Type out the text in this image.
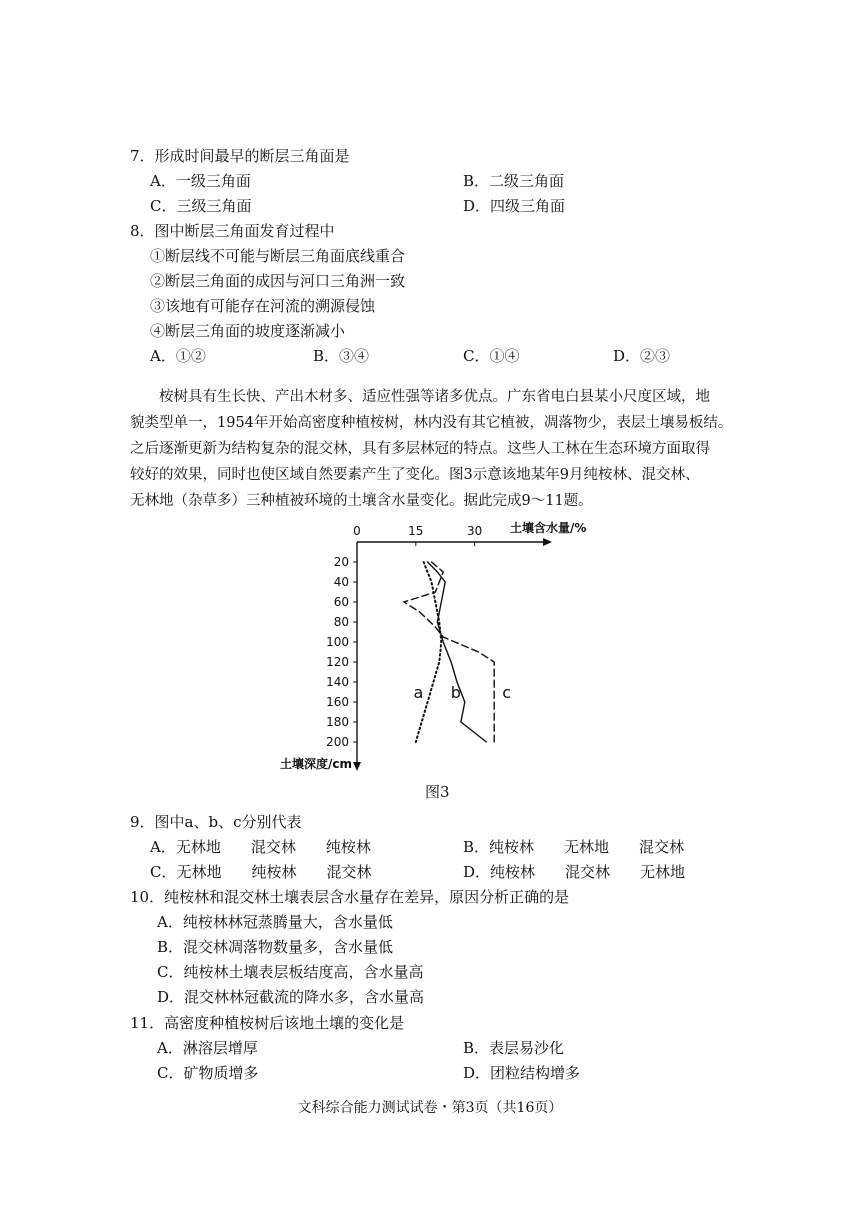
7．形成时间最早的断层三角面是
A．一级三角面	B．二级三角面
C．三级三角面	D．四级三角面
8．图中断层三角面发育过程中
①断层线不可能与断层三角面底线重合
②断层三角面的成因与河口三角洲一致
③该地有可能存在河流的溯源侵蚀
④断层三角面的坡度逐渐减小
A．①②	B．③④	C．①④	D．②③
桉树具有生长快、产出木材多、适应性强等诸多优点。广东省电白县某小尺度区域，地
貌类型单一，1954年开始高密度种植桉树，林内没有其它植被，凋落物少，表层土壤易板结。
之后逐渐更新为结构复杂的混交林，具有多层林冠的特点。这些人工林在生态环境方面取得
较好的效果，同时也使区域自然要素产生了变化。图3示意该地某年9月纯桉林、混交林、
无林地（杂草多）三种植被环境的土壤含水量变化。据此完成9～11题。
0	15	30
20
40
60
80
100
120
140
160
180
200
土壤含水量/%
土壤深度/cm
a b	c
图3
9．图中a、b、c分别代表
A．无林地　　混交林　　纯桉林	B．纯桉林　　无林地　　混交林
C．无林地　　纯桉林　　混交林	D．纯桉林　　混交林　　无林地
10．纯桉林和混交林土壤表层含水量存在差异，原因分析正确的是
A．纯桉林林冠蒸腾量大，含水量低
B．混交林凋落物数量多，含水量低
C．纯桉林土壤表层板结度高，含水量高
D．混交林林冠截流的降水多，含水量高
11．高密度种植桉树后该地土壤的变化是
A．淋溶层增厚	B．表层易沙化
C．矿物质增多	D．团粒结构增多
文科综合能力测试试卷・第3页（共16页）
